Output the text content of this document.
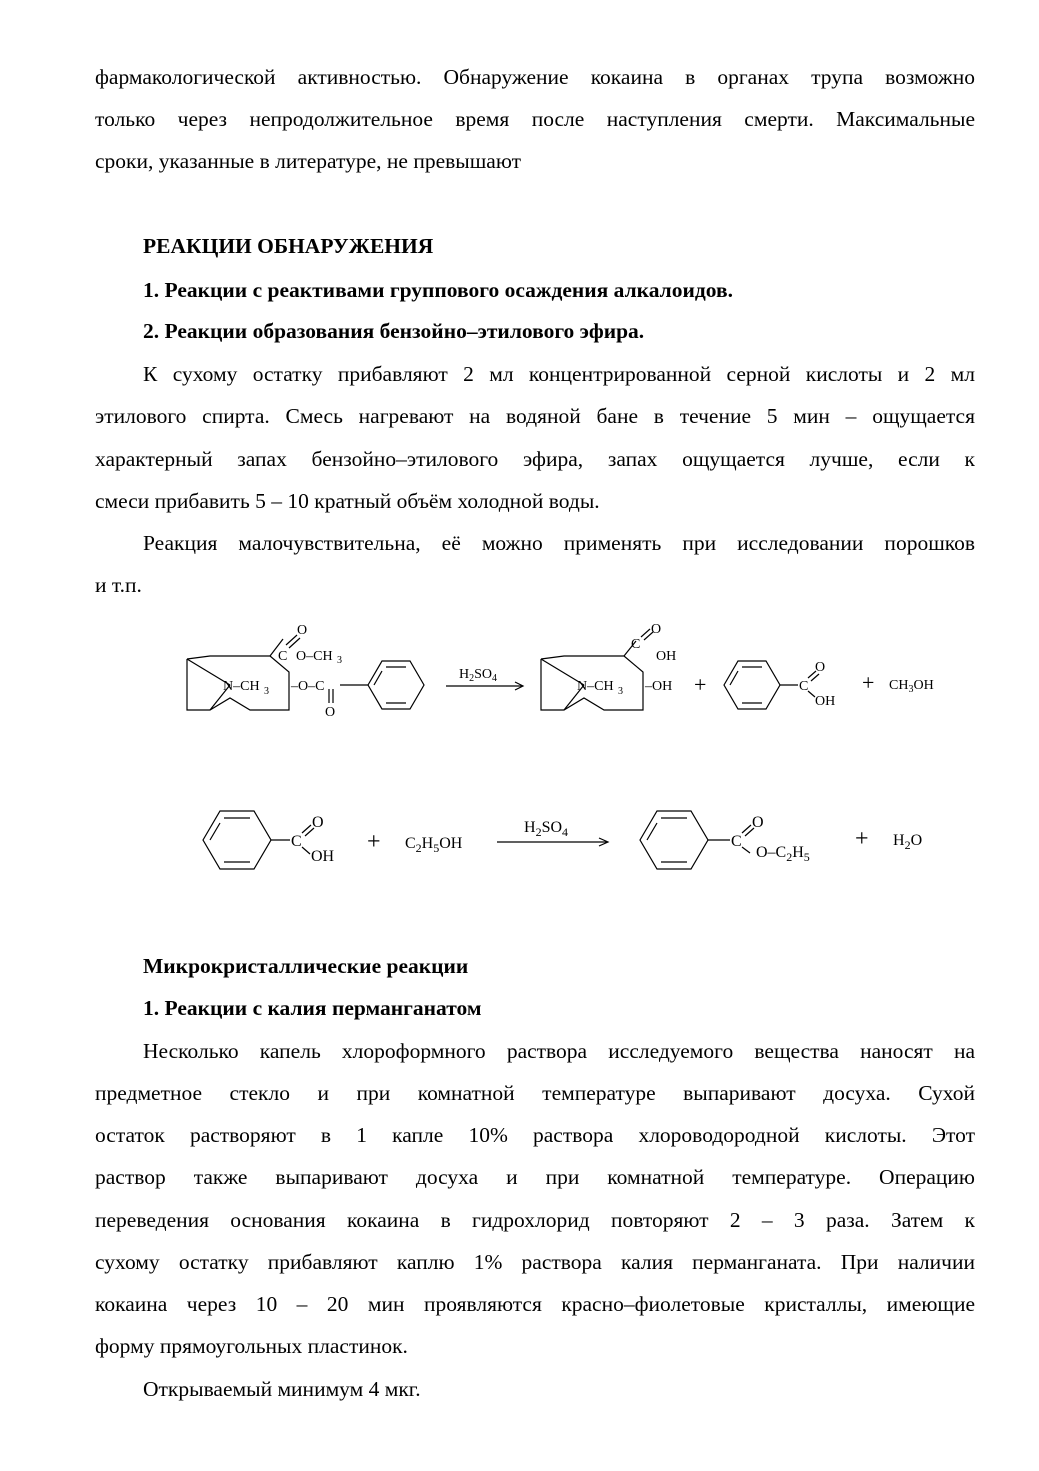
фармакологической активностью. Обнаружение кокаина в органах трупа возможно
только через непродолжительное время после наступления смерти. Максимальные
сроки, указанные в литературе, не превышают
РЕАКЦИИ ОБНАРУЖЕНИЯ
1. Реакции с реактивами группового осаждения алкалоидов.
2. Реакции образования бензойно–этилового эфира.
К сухому остатку прибавляют 2 мл концентрированной серной кислоты и 2 мл
этилового спирта. Смесь нагревают на водяной бане в течение 5 мин – ощущается
характерный запах бензойно–этилового эфира, запах ощущается лучше, если к
смеси прибавить 5 – 10 кратный объём холодной воды.
Реакция малочувствительна, её можно применять при исследовании порошков
и т.п.
N–CH 3
C
O
O–CH 3
–O–C
O
$H_2SO_4$
N–CH 3
C
O
OH
–OH +	C
O
OH
+ $CH_3OH$
C
O
OH
+ $C_2H_5OH$
$H_2SO_4$
C
O
$O-C_2H_5$
+ $H_2O$
Микрокристаллические реакции
1. Реакции с калия перманганатом
Несколько капель хлороформного раствора исследуемого вещества наносят на
предметное стекло и при комнатной температуре выпаривают досуха. Сухой
остаток растворяют в 1 капле 10% раствора хлороводородной кислоты. Этот
раствор также выпаривают досуха и при комнатной температуре. Операцию
переведения основания кокаина в гидрохлорид повторяют 2 – 3 раза. Затем к
сухому остатку прибавляют каплю 1% раствора калия перманганата. При наличии
кокаина через 10 – 20 мин проявляются красно–фиолетовые кристаллы, имеющие
форму прямоугольных пластинок.
Открываемый минимум 4 мкг.
